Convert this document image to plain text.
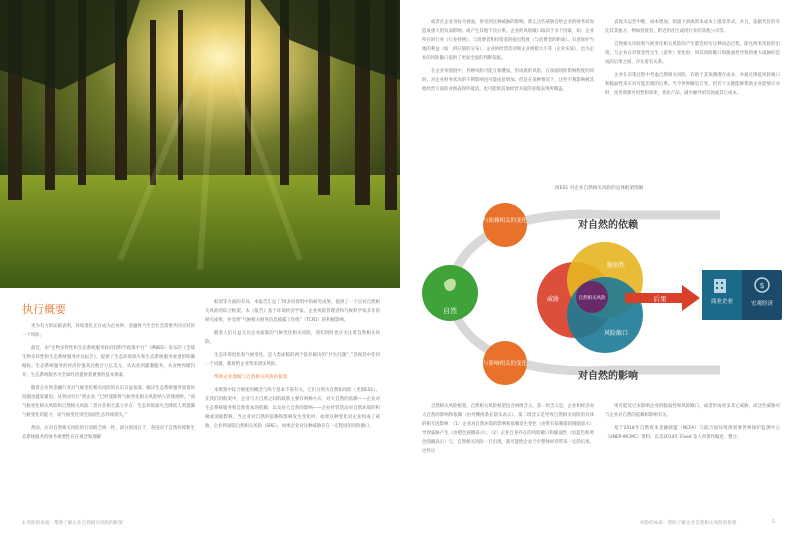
执行概要

更为有力的证据表明，环境退化正在成为企业界、金融界乃至全社会需要共同应对的一个风险。

最近，由“生物多样性和生态系统服务政府间科学政策平台”（IPBES）发布的《全球生物多样性和生态系统服务评估报告》，提供了生态环境损失和生态系统服务衰退的明确路标。生态系统服务的经济价值高达数百万亿美元，从农业到灌溉服务，从食物到碳封存，生态系统服务为全球经济提供着重要的基本要素。

随着企业和金融行业对气候变化相关风险的认识日益加深，解决生态系统服务衰退的问题也越发紧迫。从各国央行“到企业，”已经逐渐将气候变化相关风险纳入管理视野。“而气候变化相关风险和自然相关风险二者并非相互孤立存在：生态环境损失会降低人类抵御气候变化的能力，而气候变化则会加剧生态环境损失。”

然而，应对自然相关风险的行动缺乏统一性，部分原因在于，各国对于自然环境和生态系统服务的财务重要性存在观念和理解

框架等方面的差异。本报告汇总了70多份资料中的研究成果，提供了一个应对自然相关风险的综合框架。本《报告》基于环境经济学家、企业风险管理者和气候科学家多年的研究成果，并受到“气候相关财务信息披露工作组”（TCFD）的积极影响。

随着人们日益关注企业面临的气候变化相关风险，我们同时也应关注着自然相关风险。

生态环境退化和气候变化，是人类面临的两个依存解决的“共生问题”，”忽视其中任何一个问题，都将给企业带来诸多风险。

帮助企业理解与自然相关风险的框架

本框架中综合阐述的概念与两个基本不谋有关，它们分别为自然和风险（见图ES1）。在我们的框架中，企业与大自然之间的联系主要有两种方式：对大自然的依赖——企业对生态系统服务和自然资本的依赖，以及对大自然的影响——企业经营活动对自然环境的积极或消极影响。当企业对自然的依赖和影响发生变化时，如果这种变化对企业构成了威胁，企业将面临自然相关风险（SRE）。如果企业对这种威胁存在一定程度的风险敞口，

4 风险的本质：帮助了解企业自然相关风险的框架

或者在企业身份为视面，将受到这种威胁的影响。那么这些威胁会给企业的财务状况造成重大的负面影响。或产生其他不良后果。企业的风险敞口取决于多个因素，如：企业所在的行业（行业特例）、与消费者和投资者的接近程度（与消费者的距离）、有意保护当地的利益（如：供应链的分布）、企业的经营活动和企业规模大小等（企业实质），也为企业的风险敞口提供了更加全面的判断依据。

在企业价值链中，各种风险可能互相叠加，形成新的风险，在加剧风险影响程度的同时，对企业财务状况的不利影响也可能成倍增加。但是在某种情况下，这些不利影响被其他经营方面的业绩表现所抵消。也可能被其他经营方面的业绩表现所掩盖。

表现为运营中断、成本增加、销量下滑或资本成本上涨等形式。并且，依据代价的有比其其他方、例如投资者，附近的社区或同行业的其他公司等。

自然相关风险和气候变化相关风险的产生都会经历这种动态过程，即这两类风险的出现，与企业在对资金性宝生（意外）变化时，回其风险敞口和脆弱性导致的重大威胁的造成的后果之间，存在着有关系。

企业在决策过程中考虑自然相关风险，有助于其预测潜在成本，并通过降低风险敞口和脆弱性来应对可能出现的后果。当今世界瞬息万变，但若干关键能够帮助企业能够应对时，改善资源可用性和效率，优化产品，减少额外的罚款或其它成本。

自然相关风险框架。自然相关风险框架包含两组含义。第一组含义是，企业和经济对大自然的影响和依赖（由外侧两条长箭头表示）。第二组含义是导致自然相关风险的具体的相互因影响：（1）企业对自然环境的影响和依赖发生变化（由带有依赖箭的圆圈表示）导致威胁产生（由橙色圆圈表示），（2）企业自身存在的风险敞口和脆弱性（由蓝色和黄色圆圈表示）与，自然相关风险一旦出现，就可能给企业乃至整体经济带来一定的后果。这些后

果可能反过来影响企业的脆弱性和风险敞口，或者形成更多其它威胁，而这些威胁可与企业对自然的依赖和影响有关。

基于2018年自然资本金融联盟（NCFA）与联合国环境规划署世界保护监测中心（UNEP-WCMC）资料，以及2014年 Fixed 等人所著作编述，整合。

风险的本质：帮助了解企业自然相关风险的框架	5
图ES1 对企业自然相关风险的总体框架图解
自然
与依赖相关的变化
与影响相关的变化
对自然的依赖
对自然的影响
威胁
脆弱性
风险敞口
自然相关风险	后果	商业企业
$
宏观经济
